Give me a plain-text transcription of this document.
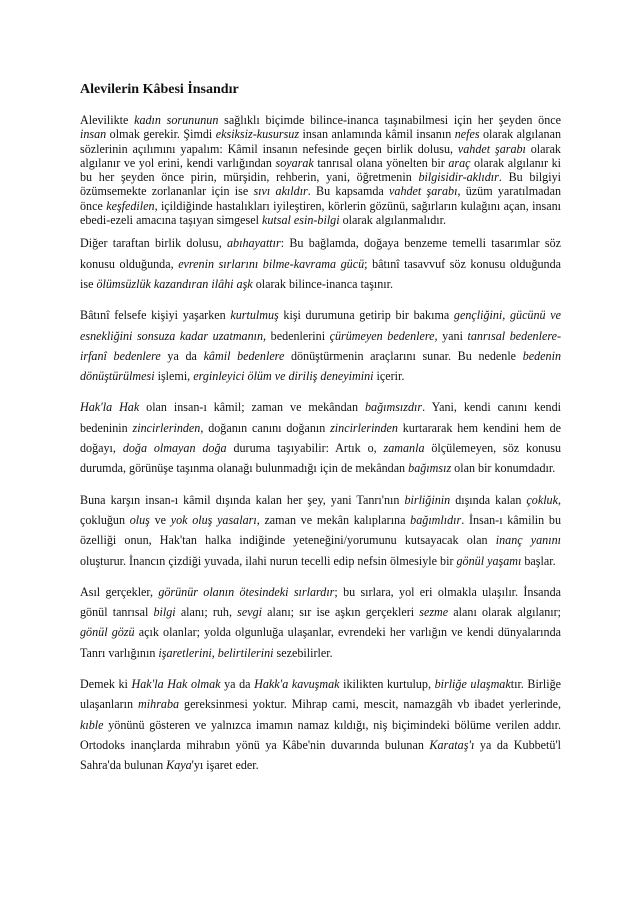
Alevilerin Kâbesi İnsandır

Alevilikte kadın sorununun sağlıklı biçimde bilince-inanca taşınabilmesi için her şeyden önce insan olmak gerekir. Şimdi eksiksiz-kusursuz insan anlamında kâmil insanın nefes olarak algılanan sözlerinin açılımını yapalım: Kâmil insanın nefesinde geçen birlik dolusu, vahdet şarabı olarak algılanır ve yol erini, kendi varlığından soyarak tanrısal olana yönelten bir araç olarak algılanır ki bu her şeyden önce pirin, mürşidin, rehberin, yani, öğretmenin bilgisidir-aklıdır. Bu bilgiyi özümsemekte zorlananlar için ise sıvı akıldır. Bu kapsamda vahdet şarabı, üzüm yaratılmadan önce keşfedilen, içildiğinde hastalıkları iyileştiren, körlerin gözünü, sağırların kulağını açan, insanı ebedi-ezeli amacına taşıyan simgesel kutsal esin-bilgi olarak algılanmalıdır.

Diğer taraftan birlik dolusu, abıhayattır: Bu bağlamda, doğaya benzeme temelli tasarımlar söz konusu olduğunda, evrenin sırlarını bilme-kavrama gücü; bâtınî tasavvuf söz konusu olduğunda ise ölümsüzlük kazandıran ilâhi aşk olarak bilince-inanca taşınır.

Bâtınî felsefe kişiyi yaşarken kurtulmuş kişi durumuna getirip bir bakıma gençliğini, gücünü ve esnekliğini sonsuza kadar uzatmanın, bedenlerini çürümeyen bedenlere, yani tanrısal bedenlere-irfanî bedenlere ya da kâmil bedenlere dönüştürmenin araçlarını sunar. Bu nedenle bedenin dönüştürülmesi işlemi, erginleyici ölüm ve diriliş deneyimini içerir.

Hak'la Hak olan insan-ı kâmil; zaman ve mekândan bağımsızdır. Yani, kendi canını kendi bedeninin zincirlerinden, doğanın canını doğanın zincirlerinden kurtararak hem kendini hem de doğayı, doğa olmayan doğa duruma taşıyabilir: Artık o, zamanla ölçülemeyen, söz konusu durumda, görünüşe taşınma olanağı bulunmadığı için de mekândan bağımsız olan bir konumdadır.

Buna karşın insan-ı kâmil dışında kalan her şey, yani Tanrı'nın birliğinin dışında kalan çokluk, çokluğun oluş ve yok oluş yasaları, zaman ve mekân kalıplarına bağımlıdır. İnsan-ı kâmilin bu özelliği onun, Hak'tan halka indiğinde yeteneğini/yorumunu kutsayacak olan inanç yanını oluşturur. İnancın çizdiği yuvada, ilahi nurun tecelli edip nefsin ölmesiyle bir gönül yaşamı başlar.

Asıl gerçekler, görünür olanın ötesindeki sırlardır; bu sırlara, yol eri olmakla ulaşılır. İnsanda gönül tanrısal bilgi alanı; ruh, sevgi alanı; sır ise aşkın gerçekleri sezme alanı olarak algılanır; gönül gözü açık olanlar; yolda olgunluğa ulaşanlar, evrendeki her varlığın ve kendi dünyalarında Tanrı varlığının işaretlerini, belirtilerini sezebilirler.

Demek ki Hak'la Hak olmak ya da Hakk'a kavuşmak ikilikten kurtulup, birliğe ulaşmaktır. Birliğe ulaşanların mihraba gereksinmesi yoktur. Mihrap cami, mescit, namazgâh vb ibadet yerlerinde, kıble yönünü gösteren ve yalnızca imamın namaz kıldığı, niş biçimindeki bölüme verilen addır. Ortodoks inançlarda mihrabın yönü ya Kâbe'nin duvarında bulunan Karataş'ı ya da Kubbetü'l Sahra'da bulunan Kaya'yı işaret eder.
